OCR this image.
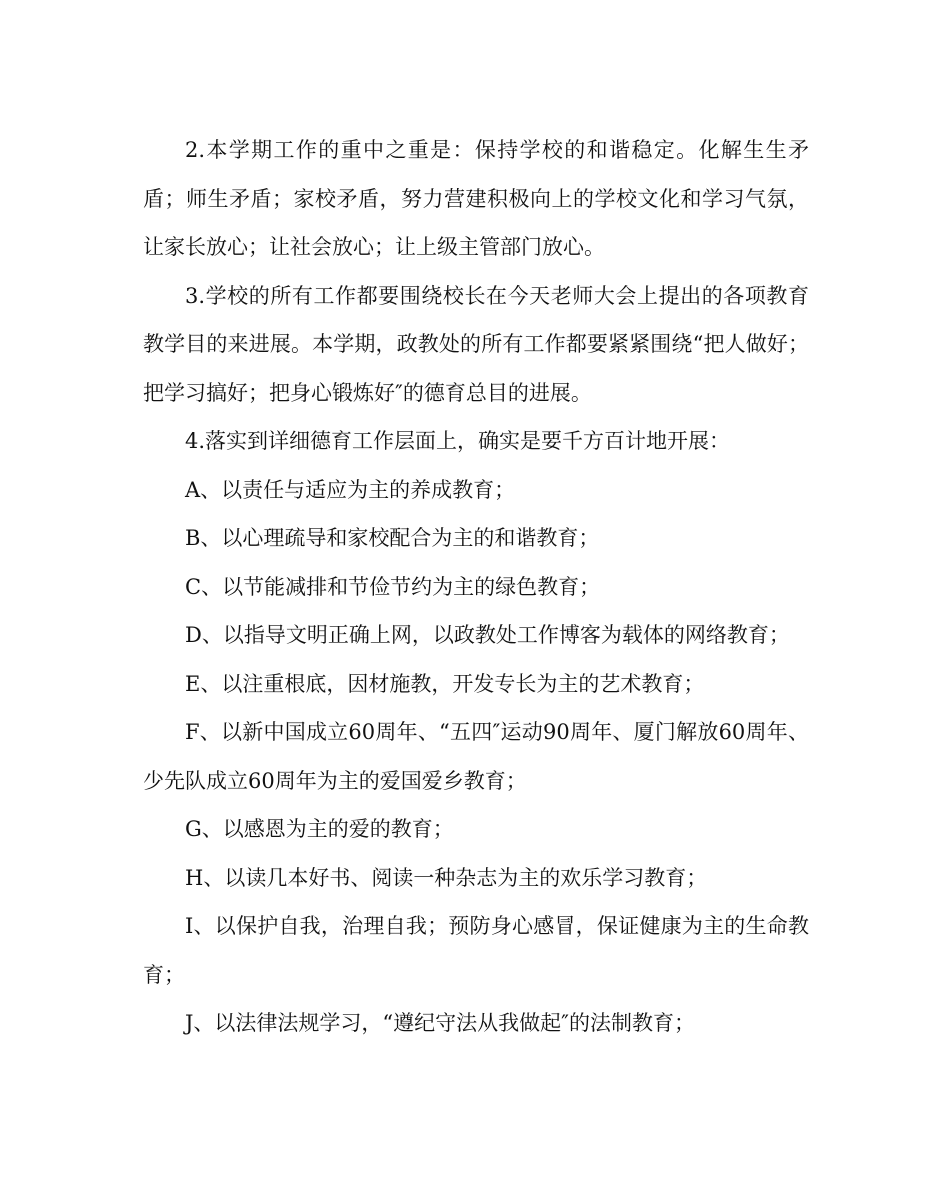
2.本学期工作的重中之重是：保持学校的和谐稳定。化解生生矛盾；师生矛盾；家校矛盾，努力营建积极向上的学校文化和学习气氛，让家长放心；让社会放心；让上级主管部门放心。

3.学校的所有工作都要围绕校长在今天老师大会上提出的各项教育教学目的来进展。本学期，政教处的所有工作都要紧紧围绕“把人做好；把学习搞好；把身心锻炼好″的德育总目的进展。

4.落实到详细德育工作层面上，确实是要千方百计地开展：

A、以责任与适应为主的养成教育；

B、以心理疏导和家校配合为主的和谐教育；

C、以节能减排和节俭节约为主的绿色教育；

D、以指导文明正确上网，以政教处工作博客为载体的网络教育；

E、以注重根底，因材施教，开发专长为主的艺术教育；

F、以新中国成立60周年、“五四″运动90周年、厦门解放60周年、少先队成立60周年为主的爱国爱乡教育；

G、以感恩为主的爱的教育；

H、以读几本好书、阅读一种杂志为主的欢乐学习教育；

I、以保护自我，治理自我；预防身心感冒，保证健康为主的生命教育；

J、以法律法规学习，“遵纪守法从我做起″的法制教育；
